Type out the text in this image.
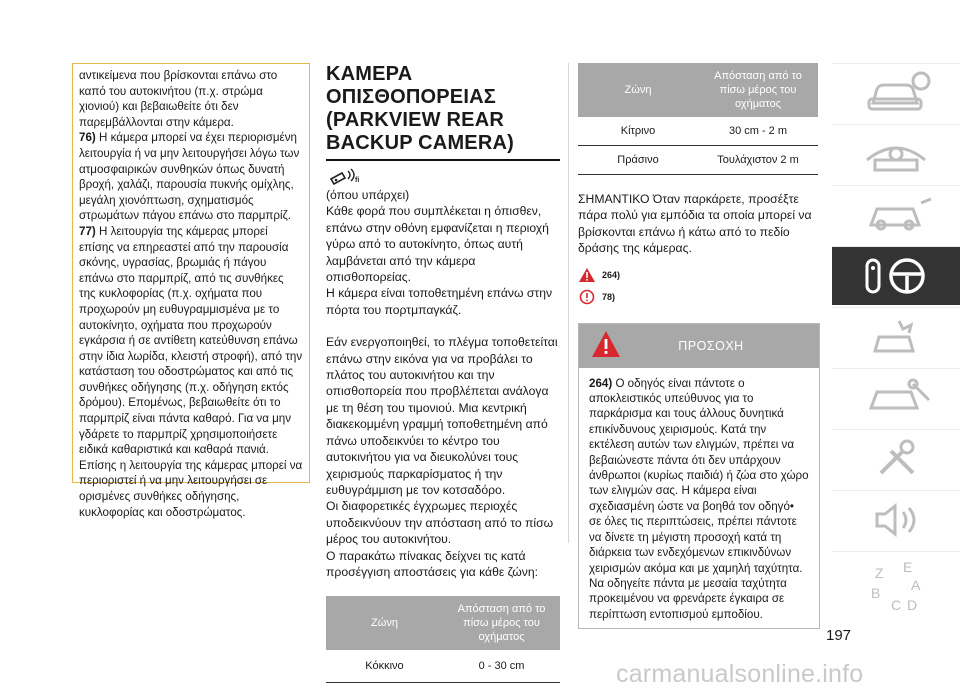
αντικείμενα που βρίσκονται επάνω στο καπό του αυτοκινήτου (π.χ. στρώμα χιονιού) και βεβαιωθείτε ότι δεν παρεμβάλλονται στην κάμερα.

76) Η κάμερα μπορεί να έχει περιορισμένη λειτουργία ή να μην λειτουργήσει λόγω των ατμοσφαιρικών συνθηκών όπως δυνατή βροχή, χαλάζι, παρουσία πυκνής ομίχλης, μεγάλη χιονόπτωση, σχηματισμός στρωμάτων πάγου επάνω στο παρμπρίζ.

77) Η λειτουργία της κάμερας μπορεί επίσης να επηρεαστεί από την παρουσία σκόνης, υγρασίας, βρωμιάς ή πάγου επάνω στο παρμπρίζ, από τις συνθήκες της κυκλοφορίας (π.χ. οχήματα που προχωρούν μη ευθυγραμμισμένα με το αυτοκίνητο, οχήματα που προχωρούν εγκάρσια ή σε αντίθετη κατεύθυνση επάνω στην ίδια λωρίδα, κλειστή στροφή), από την κατάσταση του οδοστρώματος και από τις συνθήκες οδήγησης (π.χ. οδήγηση εκτός δρόμου). Επομένως, βεβαιωθείτε ότι το παρμπρίζ είναι πάντα καθαρό. Για να μην γδάρετε το παρμπρίζ χρησιμοποιήσετε ειδικά καθαριστικά και καθαρά πανιά. Επίσης η λειτουργία της κάμερας μπορεί να περιοριστεί ή να μην λειτουργήσει σε ορισμένες συνθήκες οδήγησης, κυκλοφορίας και οδοστρώματος.

ΚΑΜΕΡΑ ΟΠΙΣΘΟΠΟΡΕΙΑΣ (PARKVIEW REAR BACKUP CAMERA)
fi

(όπου υπάρχει)

Κάθε φορά που συμπλέκεται η όπισθεν, επάνω στην οθόνη εμφανίζεται η περιοχή γύρω από το αυτοκίνητο, όπως αυτή λαμβάνεται από την κάμερα οπισθοπορείας.

Η κάμερα είναι τοποθετημένη επάνω στην πόρτα του πορτμπαγκάζ.

Εάν ενεργοποιηθεί, το πλέγμα τοποθετείται επάνω στην εικόνα για να προβάλει το πλάτος του αυτοκινήτου και την οπισθοπορεία που προβλέπεται ανάλογα με τη θέση του τιμονιού. Μια κεντρική διακεκομμένη γραμμή τοποθετημένη από πάνω υποδεικνύει το κέντρο του αυτοκινήτου για να διευκολύνει τους χειρισμούς παρκαρίσματος ή την ευθυγράμμιση με τον κοτσαδόρο.

Οι διαφορετικές έγχρωμες περιοχές υποδεικνύουν την απόσταση από το πίσω μέρος του αυτοκινήτου.

Ο παρακάτω πίνακας δείχνει τις κατά προσέγγιση αποστάσεις για κάθε ζώνη:

Ζώνη	Απόσταση από το πίσω μέρος του οχήματος
Κόκκινο	0 - 30 cm
Ζώνη	Απόσταση από το πίσω μέρος του οχήματος
Κίτρινο	30 cm - 2 m
Πράσινο	Τουλάχιστον 2 m

ΣΗΜΑΝΤΙΚΟ Όταν παρκάρετε, προσέξτε πάρα πολύ για εμπόδια τα οποία μπορεί να βρίσκονται επάνω ή κάτω από το πεδίο δράσης της κάμερας.

264)
78)
ΠΡΟΣΟΧΗ
264) Ο οδηγός είναι πάντοτε ο αποκλειστικός υπεύθυνος για το παρκάρισμα και τους άλλους δυνητικά επικίνδυνους χειρισμούς. Κατά την εκτέλεση αυτών των ελιγμών, πρέπει να βεβαιώνεστε πάντα ότι δεν υπάρχουν άνθρωποι (κυρίως παιδιά) ή ζώα στο χώρο των ελιγμών σας. Η κάμερα είναι σχεδιασμένη ώστε να βοηθά τον οδηγό• σε όλες τις περιπτώσεις, πρέπει πάντοτε να δίνετε τη μέγιστη προσοχή κατά τη διάρκεια των ενδεχόμενων επικινδύνων χειρισμών ακόμα και με χαμηλή ταχύτητα. Να οδηγείτε πάντα με μεσαία ταχύτητα προκειμένου να φρενάρετε έγκαιρα σε περίπτωση εντοπισμού εμποδίου.
Z E
A
B
C D
197
carmanualsonline.info
